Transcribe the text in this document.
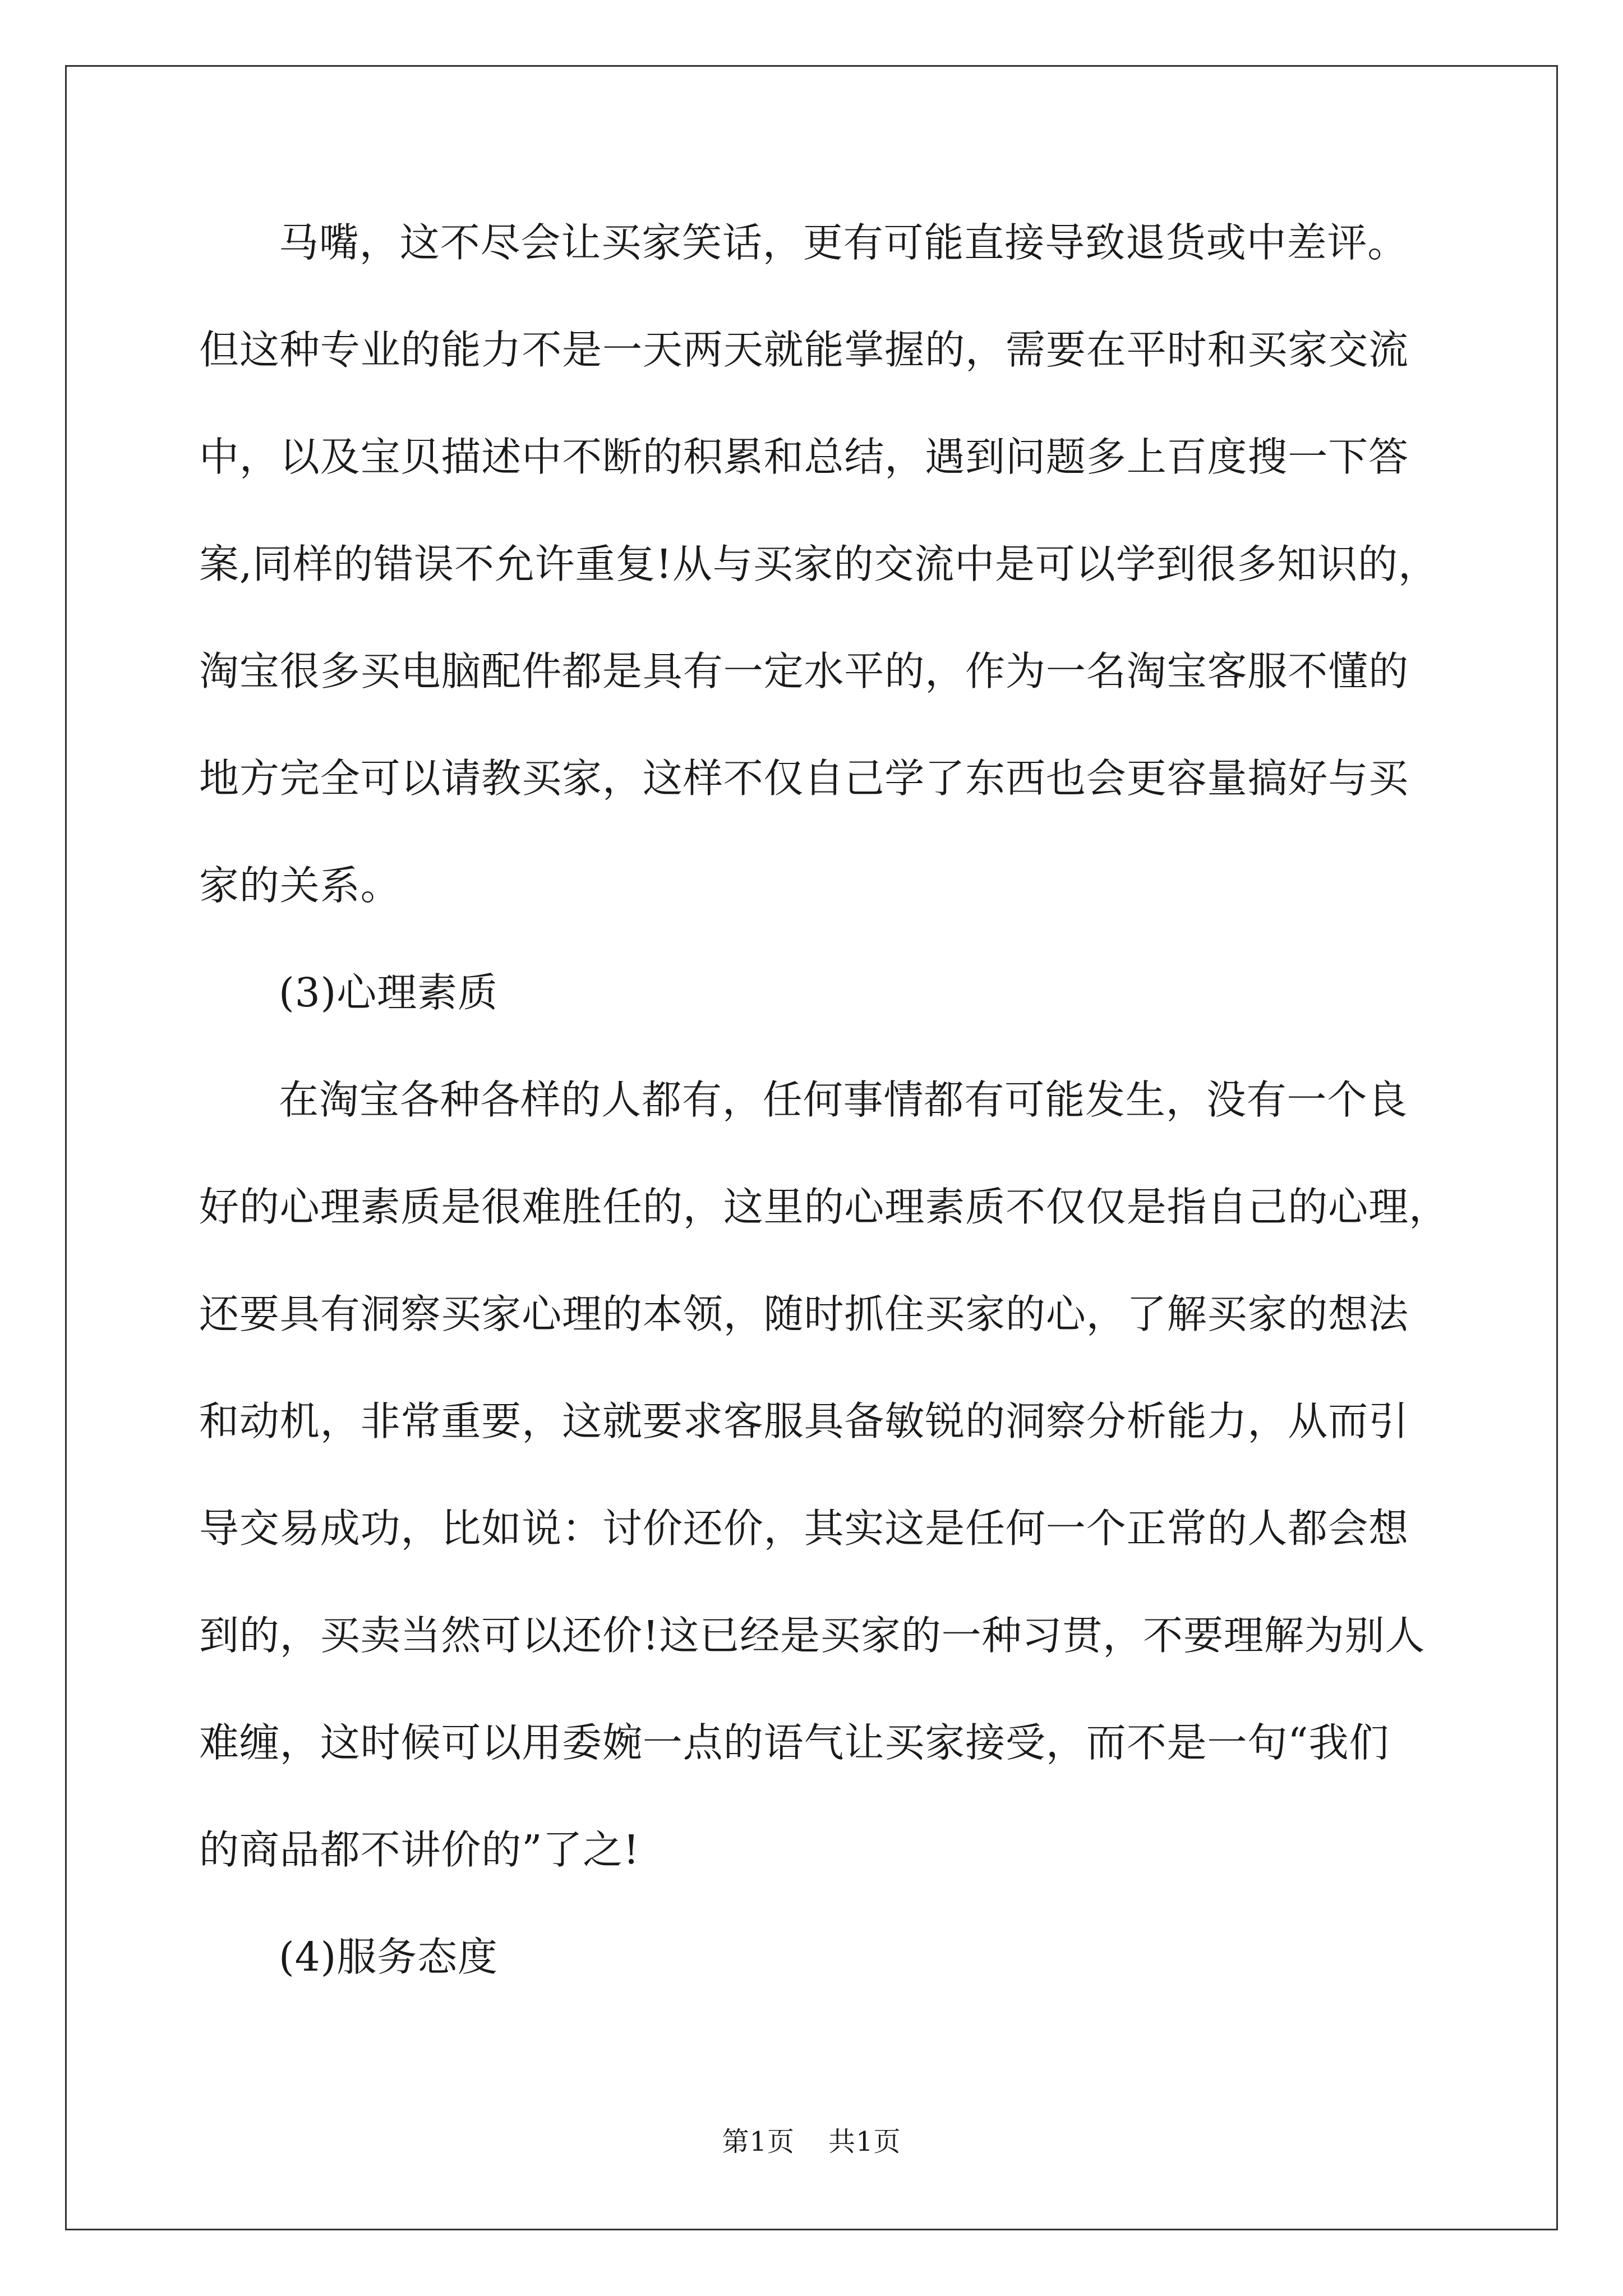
马嘴，这不尽会让买家笑话，更有可能直接导致退货或中差评。
但这种专业的能力不是一天两天就能掌握的，需要在平时和买家交流
中，以及宝贝描述中不断的积累和总结，遇到问题多上百度搜一下答
案,同样的错误不允许重复!从与买家的交流中是可以学到很多知识的，
淘宝很多买电脑配件都是具有一定水平的，作为一名淘宝客服不懂的
地方完全可以请教买家，这样不仅自己学了东西也会更容量搞好与买
家的关系。
(3)心理素质
在淘宝各种各样的人都有，任何事情都有可能发生，没有一个良
好的心理素质是很难胜任的，这里的心理素质不仅仅是指自己的心理，
还要具有洞察买家心理的本领，随时抓住买家的心，了解买家的想法
和动机，非常重要，这就要求客服具备敏锐的洞察分析能力，从而引
导交易成功，比如说：讨价还价，其实这是任何一个正常的人都会想
到的，买卖当然可以还价!这已经是买家的一种习贯，不要理解为别人
难缠，这时候可以用委婉一点的语气让买家接受，而不是一句“我们
的商品都不讲价的”了之!
(4)服务态度
第1页 共1页
